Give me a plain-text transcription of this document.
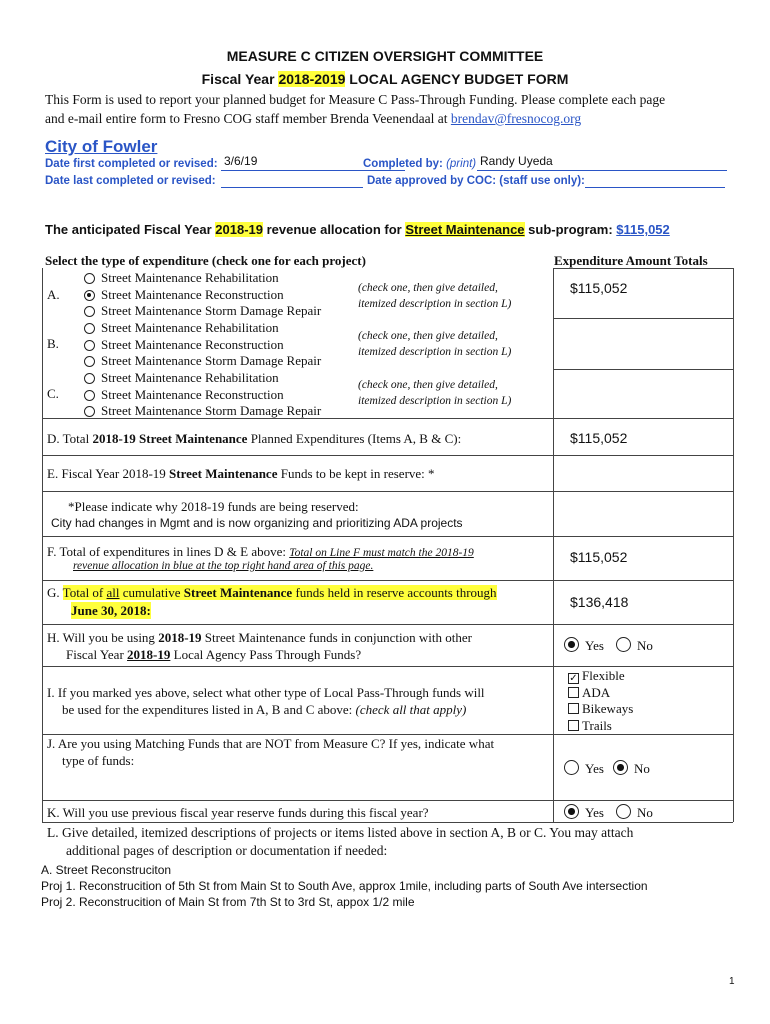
MEASURE C CITIZEN OVERSIGHT COMMITTEE
Fiscal Year 2018-2019 LOCAL AGENCY BUDGET FORM
This Form is used to report your planned budget for Measure C Pass-Through Funding. Please complete each page
and e-mail entire form to Fresno COG staff member Brenda Veenendaal at brendav@fresnocog.org
City of Fowler
Date first completed or revised: 3/6/19	Completed by: (print) Randy Uyeda
Date last completed or revised:	Date approved by COC: (staff use only):
The anticipated Fiscal Year 2018-19 revenue allocation for Street Maintenance sub-program: $115,052
Select the type of expenditure (check one for each project)	Expenditure Amount Totals
A.
Street Maintenance Rehabilitation
Street Maintenance Reconstruction
Street Maintenance Storm Damage Repair
(check one, then give detailed,
itemized description in section L)
$115,052
B.
Street Maintenance Rehabilitation
Street Maintenance Reconstruction
Street Maintenance Storm Damage Repair
(check one, then give detailed,
itemized description in section L)
C.
Street Maintenance Rehabilitation
Street Maintenance Reconstruction
Street Maintenance Storm Damage Repair
(check one, then give detailed,
itemized description in section L)
D. Total 2018-19 Street Maintenance Planned Expenditures (Items A, B & C):	$115,052
E. Fiscal Year 2018-19 Street Maintenance Funds to be kept in reserve: *
*Please indicate why 2018-19 funds are being reserved:
City had changes in Mgmt and is now organizing and prioritizing ADA projects
F. Total of expenditures in lines D & E above: Total on Line F must match the 2018-19
revenue allocation in blue at the top right hand area of this page.
$115,052
G. Total of all cumulative Street Maintenance funds held in reserve accounts through
June 30, 2018:
$136,418
H. Will you be using 2018-19 Street Maintenance funds in conjunction with other
Fiscal Year 2018-19 Local Agency Pass Through Funds?
Yes	No
I. If you marked yes above, select what other type of Local Pass-Through funds will
be used for the expenditures listed in A, B and C above: (check all that apply)
✓ Flexible
ADA
Bikeways
Trails
J. Are you using Matching Funds that are NOT from Measure C? If yes, indicate what
type of funds:
Yes	No
K. Will you use previous fiscal year reserve funds during this fiscal year?	Yes	No
L. Give detailed, itemized descriptions of projects or items listed above in section A, B or C. You may attach
additional pages of description or documentation if needed:
A. Street Reconstruciton
Proj 1. Reconstrucition of 5th St from Main St to South Ave, approx 1mile, including parts of South Ave intersection
Proj 2. Reconstrucition of Main St from 7th St to 3rd St, appox 1/2 mile
1
